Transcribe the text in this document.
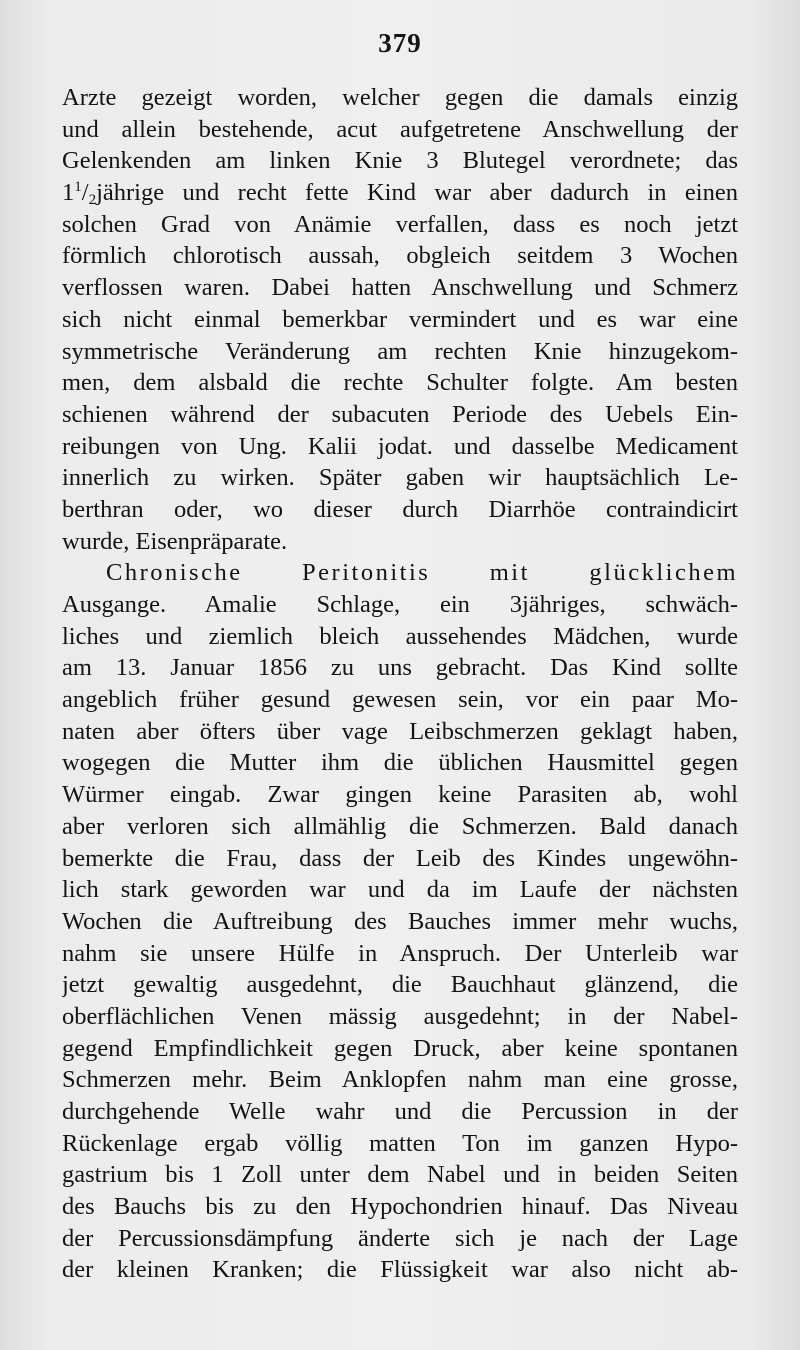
379
Arzte gezeigt worden, welcher gegen die damals einzig
und allein bestehende, acut aufgetretene Anschwellung der
Gelenkenden am linken Knie 3 Blutegel verordnete; das
$1^1/_2jährige$ und recht fette Kind war aber dadurch in einen
solchen Grad von Anämie verfallen, dass es noch jetzt
förmlich chlorotisch aussah, obgleich seitdem 3 Wochen
verflossen waren. Dabei hatten Anschwellung und Schmerz
sich nicht einmal bemerkbar vermindert und es war eine
symmetrische Veränderung am rechten Knie hinzugekom-
men, dem alsbald die rechte Schulter folgte. Am besten
schienen während der subacuten Periode des Uebels Ein-
reibungen von Ung. Kalii jodat. und dasselbe Medicament
innerlich zu wirken. Später gaben wir hauptsächlich Le-
berthran oder, wo dieser durch Diarrhöe contraindicirt
wurde, Eisenpräparate.
Chronische Peritonitis mit glücklichem
Ausgange. Amalie Schlage, ein 3jähriges, schwäch-
liches und ziemlich bleich aussehendes Mädchen, wurde
am 13. Januar 1856 zu uns gebracht. Das Kind sollte
angeblich früher gesund gewesen sein, vor ein paar Mo-
naten aber öfters über vage Leibschmerzen geklagt haben,
wogegen die Mutter ihm die üblichen Hausmittel gegen
Würmer eingab. Zwar gingen keine Parasiten ab, wohl
aber verloren sich allmählig die Schmerzen. Bald danach
bemerkte die Frau, dass der Leib des Kindes ungewöhn-
lich stark geworden war und da im Laufe der nächsten
Wochen die Auftreibung des Bauches immer mehr wuchs,
nahm sie unsere Hülfe in Anspruch. Der Unterleib war
jetzt gewaltig ausgedehnt, die Bauchhaut glänzend, die
oberflächlichen Venen mässig ausgedehnt; in der Nabel-
gegend Empfindlichkeit gegen Druck, aber keine spontanen
Schmerzen mehr. Beim Anklopfen nahm man eine grosse,
durchgehende Welle wahr und die Percussion in der
Rückenlage ergab völlig matten Ton im ganzen Hypo-
gastrium bis 1 Zoll unter dem Nabel und in beiden Seiten
des Bauchs bis zu den Hypochondrien hinauf. Das Niveau
der Percussionsdämpfung änderte sich je nach der Lage
der kleinen Kranken; die Flüssigkeit war also nicht ab-
